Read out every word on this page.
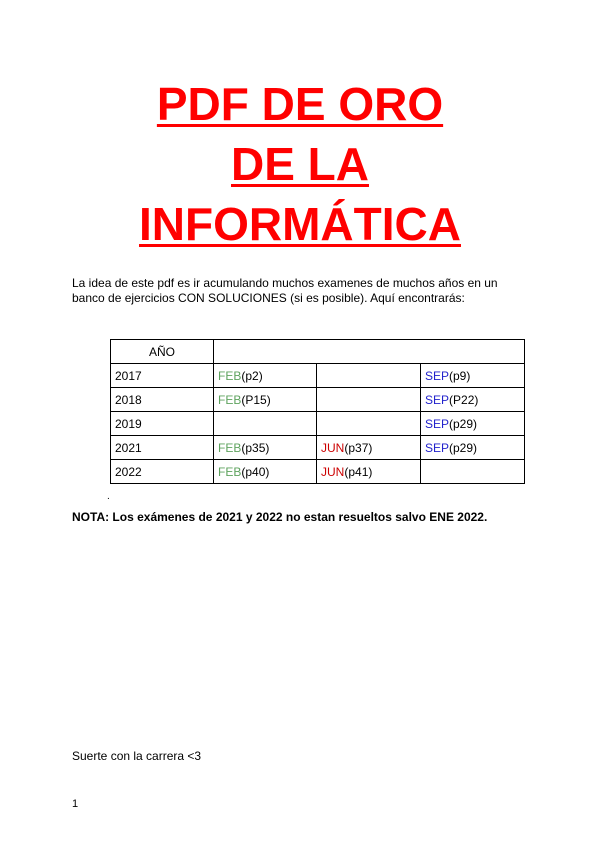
PDF DE ORO
DE LA
INFORMÁTICA
La idea de este pdf es ir acumulando muchos examenes de muchos años en un
banco de ejercicios CON SOLUCIONES (si es posible). Aquí encontrarás:
AÑO			
2017	FEB(p2)		SEP(p9)
2018	FEB(P15)		SEP(P22)
2019			SEP(p29)
2021	FEB(p35)	JUN(p37)	SEP(p29)
2022	FEB(p40)	JUN(p41)	
.
NOTA: Los exámenes de 2021 y 2022 no estan resueltos salvo ENE 2022.
Suerte con la carrera <3
1
